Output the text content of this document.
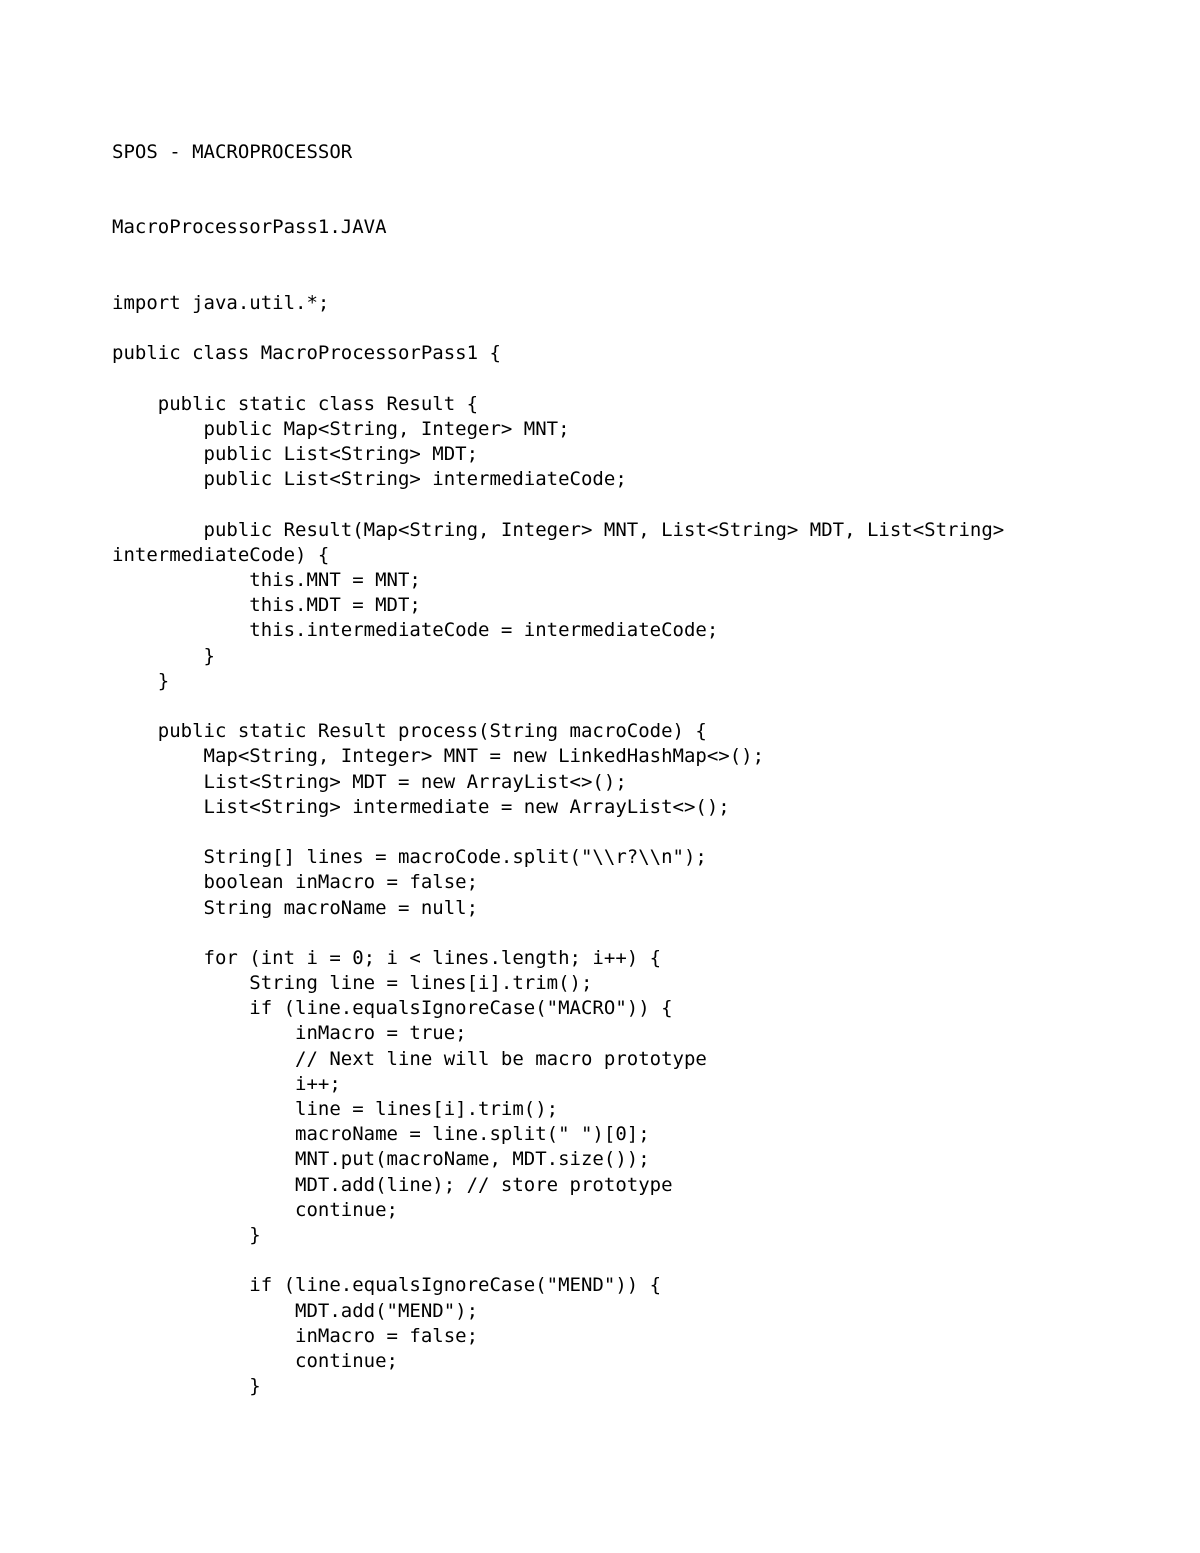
SPOS - MACROPROCESSOR
MacroProcessorPass1.JAVA
import java.util.*;
public class MacroProcessorPass1 {
public static class Result {
public Map<String, Integer> MNT;
public List<String> MDT;
public List<String> intermediateCode;
public Result(Map<String, Integer> MNT, List<String> MDT, List<String>
intermediateCode) {
this.MNT = MNT;
this.MDT = MDT;
this.intermediateCode = intermediateCode;
}
}
public static Result process(String macroCode) {
Map<String, Integer> MNT = new LinkedHashMap<>();
List<String> MDT = new ArrayList<>();
List<String> intermediate = new ArrayList<>();
String[] lines = macroCode.split("\\r?\\n");
boolean inMacro = false;
String macroName = null;
for (int i = 0; i < lines.length; i++) {
String line = lines[i].trim();
if (line.equalsIgnoreCase("MACRO")) {
inMacro = true;
// Next line will be macro prototype
i++;
line = lines[i].trim();
macroName = line.split(" ")[0];
MNT.put(macroName, MDT.size());
MDT.add(line); // store prototype
continue;
}
if (line.equalsIgnoreCase("MEND")) {
MDT.add("MEND");
inMacro = false;
continue;
}
